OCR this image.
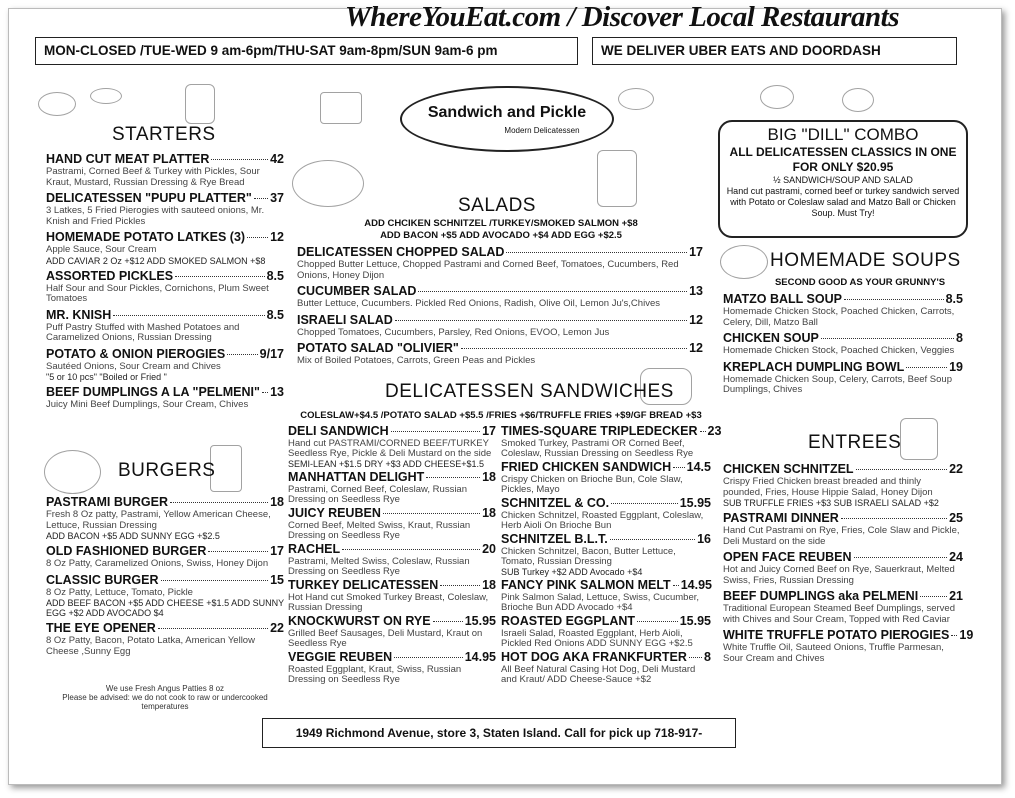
WhereYouEat.com / Discover Local Restaurants
MON-CLOSED /TUE-WED 9 am-6pm/THU-SAT 9am-8pm/SUN 9am-6 pm	WE DELIVER UBER EATS AND DOORDASH
Sandwich and Pickle
Modern Delicatessen
STARTERS
HAND CUT MEAT PLATTER	42
Pastrami, Corned Beef & Turkey with Pickles, Sour Kraut, Mustard, Russian Dressing & Rye Bread
DELICATESSEN "PUPU PLATTER" 37
3 Latkes, 5 Fried Pierogies with sauteed onions, Mr. Knish and Fried Pickles
HOMEMADE POTATO LATKES (3) 12
Apple Sauce, Sour Cream
ADD CAVIAR 2 Oz +$12 ADD SMOKED SALMON +$8
ASSORTED PICKLES	8.5
Half Sour and Sour Pickles, Cornichons, Plum Sweet Tomatoes
MR. KNISH	8.5
Puff Pastry Stuffed with Mashed Potatoes and Caramelized Onions, Russian Dressing
POTATO & ONION PIEROGIES	9/17
Sautéed Onions, Sour Cream and Chives
"5 or 10 pcs" "Boiled or Fried "
BEEF DUMPLINGS A LA "PELMENI" 13
Juicy Mini Beef Dumplings, Sour Cream, Chives
BURGERS
PASTRAMI BURGER	18
Fresh 8 Oz patty, Pastrami, Yellow American Cheese, Lettuce, Russian Dressing
ADD BACON +$5 ADD SUNNY EGG +$2.5
OLD FASHIONED BURGER	17
8 Oz Patty, Caramelized Onions, Swiss, Honey Dijon
CLASSIC BURGER	15
8 Oz Patty, Lettuce, Tomato, Pickle
ADD BEEF BACON +$5 ADD CHEESE +$1.5 ADD SUNNY EGG +$2 ADD AVOCADO $4
THE EYE OPENER	22
8 Oz Patty, Bacon, Potato Latka, American Yellow Cheese ,Sunny Egg
We use Fresh Angus Patties 8 oz
Please be advised: we do not cook to raw or undercooked temperatures
SALADS
ADD CHCIKEN SCHNITZEL /TURKEY/SMOKED SALMON +$8
ADD BACON +$5 ADD AVOCADO +$4 ADD EGG +$2.5
DELICATESSEN CHOPPED SALAD	17
Chopped Butter Lettuce, Chopped Pastrami and Corned Beef, Tomatoes, Cucumbers, Red Onions, Honey Dijon
CUCUMBER SALAD	13
Butter Lettuce, Cucumbers. Pickled Red Onions, Radish, Olive Oil, Lemon Ju's,Chives
ISRAELI SALAD	12
Chopped Tomatoes, Cucumbers, Parsley, Red Onions, EVOO, Lemon Jus
POTATO SALAD "OLIVIER"	12
Mix of Boiled Potatoes, Carrots, Green Peas and Pickles
DELICATESSEN SANDWICHES
COLESLAW+$4.5 /POTATO SALAD +$5.5 /FRIES +$6/TRUFFLE FRIES +$9/GF BREAD +$3
DELI SANDWICH	17
Hand cut PASTRAMI/CORNED BEEF/TURKEY Seedless Rye, Pickle & Deli Mustard on the side
SEMI-LEAN +$1.5 DRY +$3 ADD CHEESE+$1.5
MANHATTAN DELIGHT	18
Pastrami, Corned Beef, Coleslaw, Russian Dressing on Seedless Rye
JUICY REUBEN	18
Corned Beef, Melted Swiss, Kraut, Russian Dressing on Seedless Rye
RACHEL	20
Pastrami, Melted Swiss, Coleslaw, Russian Dressing on Seedless Rye
TURKEY DELICATESSEN	18
Hot Hand cut Smoked Turkey Breast, Coleslaw, Russian Dressing
KNOCKWURST ON RYE	15.95
Grilled Beef Sausages, Deli Mustard, Kraut on Seedless Rye
VEGGIE REUBEN	14.95
Roasted Eggplant, Kraut, Swiss, Russian Dressing on Seedless Rye
TIMES-SQUARE TRIPLEDECKER 23
Smoked Turkey, Pastrami OR Corned Beef, Coleslaw, Russian Dressing on Seedless Rye
FRIED CHICKEN SANDWICH 14.5
Crispy Chicken on Brioche Bun, Cole Slaw, Pickles, Mayo
SCHNITZEL & CO.	15.95
Chicken Schnitzel, Roasted Eggplant, Coleslaw, Herb Aioli On Brioche Bun
SCHNITZEL B.L.T.	16
Chicken Schnitzel, Bacon, Butter Lettuce, Tomato, Russian Dressing
SUB Turkey +$2 ADD Avocado +$4
FANCY PINK SALMON MELT 14.95
Pink Salmon Salad, Lettuce, Swiss, Cucumber, Brioche Bun ADD Avocado +$4
ROASTED EGGPLANT	15.95
Israeli Salad, Roasted Eggplant, Herb Aioli, Pickled Red Onions ADD SUNNY EGG +$2.5
HOT DOG AKA FRANKFURTER 8
All Beef Natural Casing Hot Dog, Deli Mustard and Kraut/ ADD Cheese-Sauce +$2
BIG "DILL" COMBO
ALL DELICATESSEN CLASSICS IN ONE
FOR ONLY $20.95
½ SANDWICH/SOUP AND SALAD
Hand cut pastrami, corned beef or turkey sandwich served with Potato or Coleslaw salad and Matzo Ball or Chicken Soup. Must Try!
HOMEMADE SOUPS
SECOND GOOD AS YOUR GRUNNY'S
MATZO BALL SOUP	8.5
Homemade Chicken Stock, Poached Chicken, Carrots, Celery, Dill, Matzo Ball
CHICKEN SOUP	8
Homemade Chicken Stock, Poached Chicken, Veggies
KREPLACH DUMPLING BOWL	19
Homemade Chicken Soup, Celery, Carrots, Beef Soup Dumplings, Chives
ENTREES
CHICKEN SCHNITZEL	22
Crispy Fried Chicken breast breaded and thinly pounded, Fries, House Hippie Salad, Honey Dijon
SUB TRUFFLE FRIES +$3 SUB ISRAELI SALAD +$2
PASTRAMI DINNER	25
Hand Cut Pastrami on Rye, Fries, Cole Slaw and Pickle, Deli Mustard on the side
OPEN FACE REUBEN	24
Hot and Juicy Corned Beef on Rye, Sauerkraut, Melted Swiss, Fries, Russian Dressing
BEEF DUMPLINGS aka PELMENI 21
Traditional European Steamed Beef Dumplings, served with Chives and Sour Cream, Topped with Red Caviar
WHITE TRUFFLE POTATO PIEROGIES 19
White Truffle Oil, Sauteed Onions, Truffle Parmesan, Sour Cream and Chives
1949 Richmond Avenue, store 3, Staten Island. Call for pick up 718-917-
